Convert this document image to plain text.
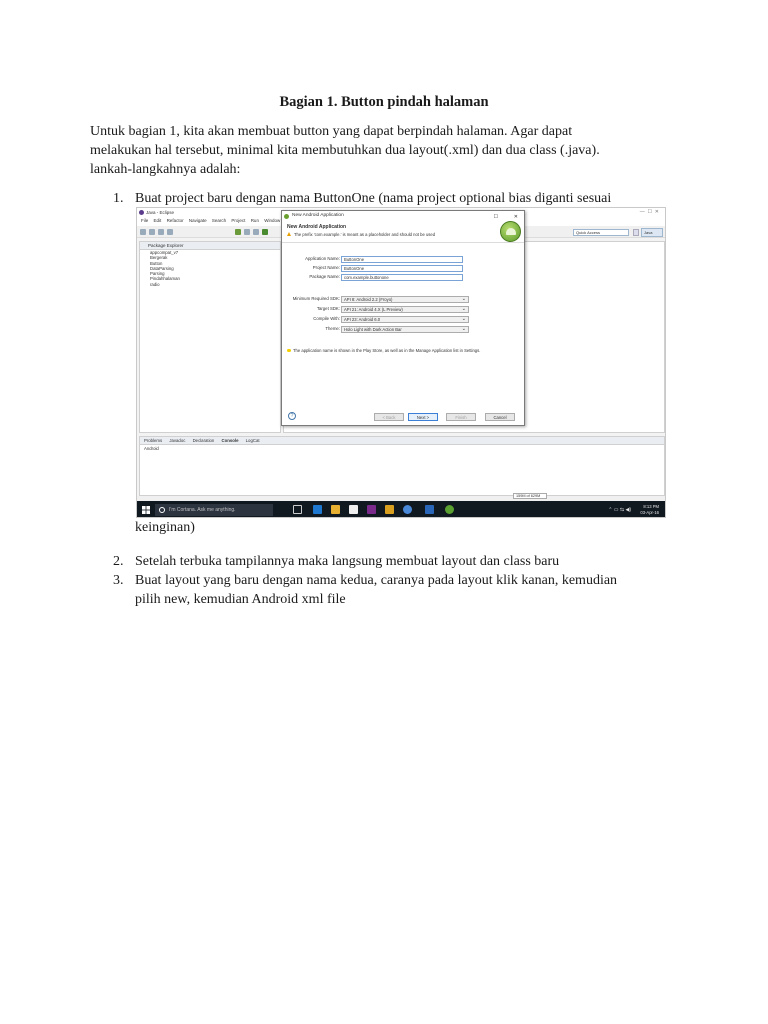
Bagian 1. Button pindah halaman
Untuk bagian 1, kita akan membuat button yang dapat berpindah halaman. Agar dapat
melakukan hal tersebut, minimal kita membutuhkan dua layout(.xml) dan dua class (.java).
lankah-langkahnya adalah:
1. Buat project baru dengan nama ButtonOne (nama project optional bias diganti sesuai
Java - Eclipse	—  ☐  ✕
File Edit Refactor Navigate Search Project Run Window
Quick Access	Java
Package Explorer
appcompat_v7
Bergerak
Button
DataParsing
Parsing
Pindahhalaman
radio
Problems Javadoc Declaration Console LogCat
Android
159M of 629M
I'm Cortana. Ask me anything.	⌃ ▭ ⇆ ◀)
8:13 PM
03-Apr-16
New Android Application	☐	✕
New Android Application
The prefix 'com.example.' is meant as a placeholder and should not be used
Application Name: ButtonOne
Project Name: ButtonOne
Package Name: com.example.buttonone
Minimum Required SDK: API 8: Android 2.2 (Froyo) ⌄
Target SDK: API 21: Android 4.X (L Preview) ⌄
Compile With: API 23: Android 6.0 ⌄
Theme: Holo Light with Dark Action Bar ⌄
The application name is shown in the Play Store, as well as in the Manage Application list in Settings.
?	< Back	Next >	Finish	Cancel
keinginan)
2. Setelah terbuka tampilannya maka langsung membuat layout dan class baru
3. Buat layout yang baru dengan nama kedua, caranya pada layout klik kanan, kemudian
pilih new, kemudian Android xml file
